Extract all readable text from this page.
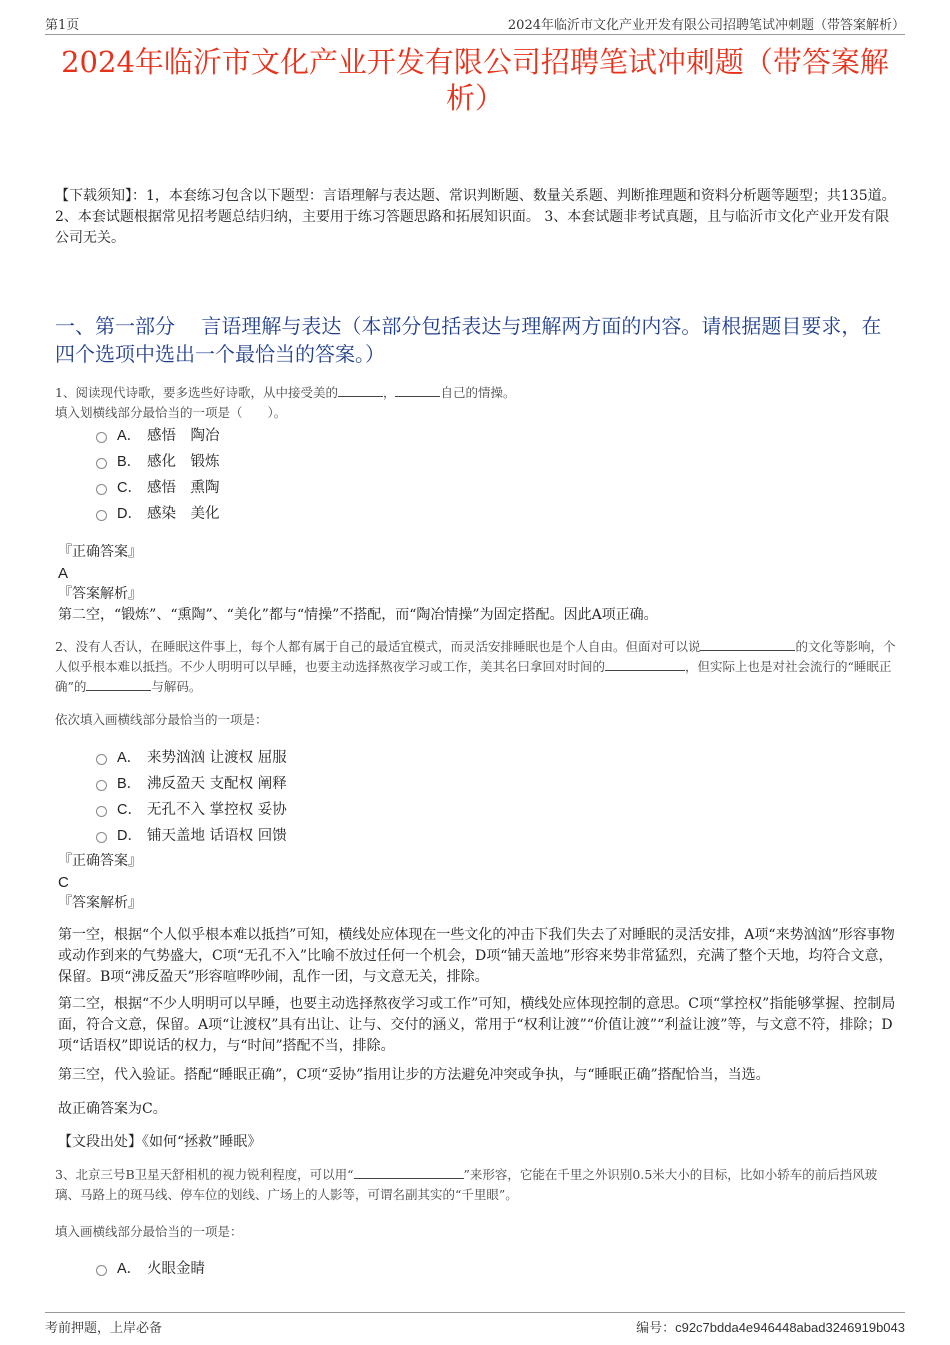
第1页	2024年临沂市文化产业开发有限公司招聘笔试冲刺题（带答案解析）
2024年临沂市文化产业开发有限公司招聘笔试冲刺题（带答案解析）
【下载须知】：1，本套练习包含以下题型：言语理解与表达题、常识判断题、数量关系题、判断推理题和资料分析题等题型；共135道。 2、本套试题根据常见招考题总结归纳，主要用于练习答题思路和拓展知识面。 3、本套试题非考试真题，且与临沂市文化产业开发有限公司无关。
一、第一部分　 言语理解与表达（本部分包括表达与理解两方面的内容。请根据题目要求，在四个选项中选出一个最恰当的答案。）
1、阅读现代诗歌，要多选些好诗歌，从中接受美的	，	自己的情操。
填入划横线部分最恰当的一项是（　　）。
A． 感悟　陶冶
B． 感化　锻炼
C． 感悟　熏陶
D． 感染　美化
『正确答案』
A
『答案解析』
第二空，“锻炼”、“熏陶”、“美化”都与“情操”不搭配，而“陶冶情操”为固定搭配。因此A项正确。
2、没有人否认，在睡眠这件事上，每个人都有属于自己的最适宜模式，而灵活安排睡眠也是个人自由。但面对可以说	的文化等影响，个人似乎根本难以抵挡。不少人明明可以早睡，也要主动选择熬夜学习或工作，美其名曰拿回对时间的	，但实际上也是对社会流行的“睡眠正确”的	与解码。
依次填入画横线部分最恰当的一项是：
A． 来势汹汹 让渡权 屈服
B． 沸反盈天 支配权 阐释
C． 无孔不入 掌控权 妥协
D． 铺天盖地 话语权 回馈
『正确答案』
C
『答案解析』
第一空，根据“个人似乎根本难以抵挡”可知，横线处应体现在一些文化的冲击下我们失去了对睡眠的灵活安排，A项“来势汹汹”形容事物或动作到来的气势盛大，C项“无孔不入”比喻不放过任何一个机会，D项“铺天盖地”形容来势非常猛烈，充满了整个天地，均符合文意，保留。B项“沸反盈天”形容喧哗吵闹，乱作一团，与文意无关，排除。
第二空，根据“不少人明明可以早睡，也要主动选择熬夜学习或工作”可知，横线处应体现控制的意思。C项“掌控权”指能够掌握、控制局面，符合文意，保留。A项“让渡权”具有出让、让与、交付的涵义，常用于“权利让渡”“价值让渡”“利益让渡”等，与文意不符，排除；D项“话语权”即说话的权力，与“时间”搭配不当，排除。
第三空，代入验证。搭配“睡眠正确”，C项“妥协”指用让步的方法避免冲突或争执，与“睡眠正确”搭配恰当，当选。
故正确答案为C。
【文段出处】《如何“拯救”睡眠》
3、北京三号B卫星天舒相机的视力锐利程度，可以用“	”来形容，它能在千里之外识别0.5米大小的目标，比如小轿车的前后挡风玻璃、马路上的斑马线、停车位的划线、广场上的人影等，可谓名副其实的“千里眼”。
填入画横线部分最恰当的一项是：
A． 火眼金睛
考前押题，上岸必备	编号：c92c7bdda4e946448abad3246919b043
